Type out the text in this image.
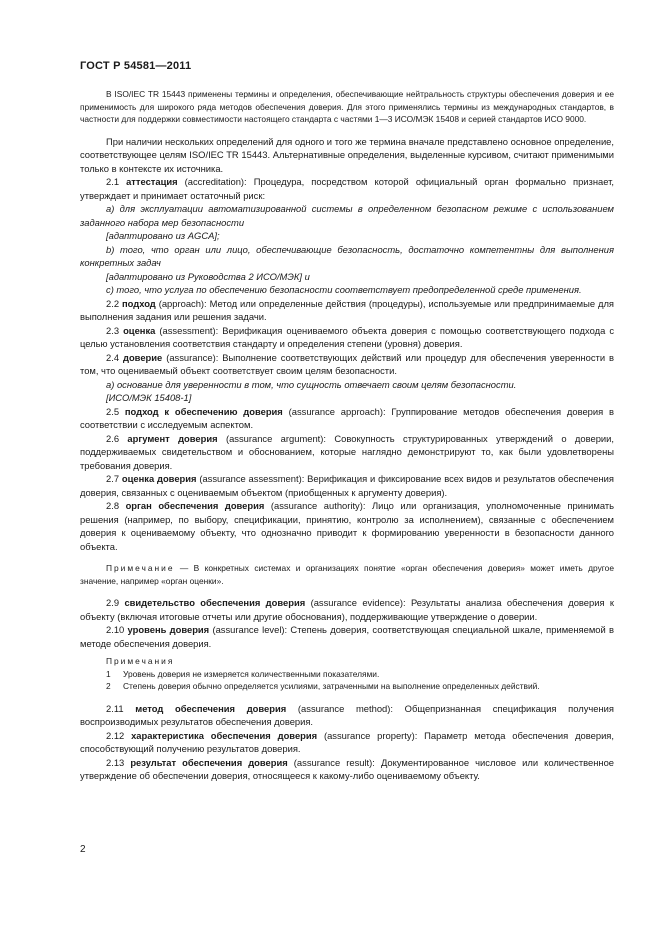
ГОСТ Р 54581—2011

В ISO/IEC TR 15443 применены термины и определения, обеспечивающие нейтральность структуры обеспечения доверия и ее применимость для широкого ряда методов обеспечения доверия. Для этого применялись термины из международных стандартов, в частности для поддержки совместимости настоящего стандарта с частями 1—3 ИСО/МЭК 15408 и серией стандартов ИСО 9000.

При наличии нескольких определений для одного и того же термина вначале представлено основное определение, соответствующее целям ISO/IEC TR 15443. Альтернативные определения, выделенные курсивом, считают применимыми только в контексте их источника.

2.1 аттестация (accreditation): Процедура, посредством которой официальный орган формально признает, утверждает и принимает остаточный риск:

а) для эксплуатации автоматизированной системы в определенном безопасном режиме с использованием заданного набора мер безопасности

[адаптировано из AGCA];

b) того, что орган или лицо, обеспечивающие безопасность, достаточно компетентны для выполнения конкретных задач

[адаптировано из Руководства 2 ИСО/МЭК] и

с) того, что услуга по обеспечению безопасности соответствует предопределенной среде применения.

2.2 подход (approach): Метод или определенные действия (процедуры), используемые или предпринимаемые для выполнения задания или решения задачи.

2.3 оценка (assessment): Верификация оцениваемого объекта доверия с помощью соответствующего подхода с целью установления соответствия стандарту и определения степени (уровня) доверия.

2.4 доверие (assurance): Выполнение соответствующих действий или процедур для обеспечения уверенности в том, что оцениваемый объект соответствует своим целям безопасности.

а) основание для уверенности в том, что сущность отвечает своим целям безопасности.

[ИСО/МЭК 15408-1]

2.5 подход к обеспечению доверия (assurance approach): Группирование методов обеспечения доверия в соответствии с исследуемым аспектом.

2.6 аргумент доверия (assurance argument): Совокупность структурированных утверждений о доверии, поддерживаемых свидетельством и обоснованием, которые наглядно демонстрируют то, как были удовлетворены требования доверия.

2.7 оценка доверия (assurance assessment): Верификация и фиксирование всех видов и результатов обеспечения доверия, связанных с оцениваемым объектом (приобщенных к аргументу доверия).

2.8 орган обеспечения доверия (assurance authority): Лицо или организация, уполномоченные принимать решения (например, по выбору, спецификации, принятию, контролю за исполнением), связанные с обеспечением доверия к оцениваемому объекту, что однозначно приводит к формированию уверенности в безопасности данного объекта.

Примечание — В конкретных системах и организациях понятие «орган обеспечения доверия» может иметь другое значение, например «орган оценки».

2.9 свидетельство обеспечения доверия (assurance evidence): Результаты анализа обеспечения доверия к объекту (включая итоговые отчеты или другие обоснования), поддерживающие утверждение о доверии.

2.10 уровень доверия (assurance level): Степень доверия, соответствующая специальной шкале, применяемой в методе обеспечения доверия.

Примечания
1	Уровень доверия не измеряется количественными показателями.
2	Степень доверия обычно определяется усилиями, затраченными на выполнение определенных действий.

2.11 метод обеспечения доверия (assurance method): Общепризнанная спецификация получения воспроизводимых результатов обеспечения доверия.

2.12 характеристика обеспечения доверия (assurance property): Параметр метода обеспечения доверия, способствующий получению результатов доверия.

2.13 результат обеспечения доверия (assurance result): Документированное числовое или количественное утверждение об обеспечении доверия, относящееся к какому-либо оцениваемому объекту.

2
